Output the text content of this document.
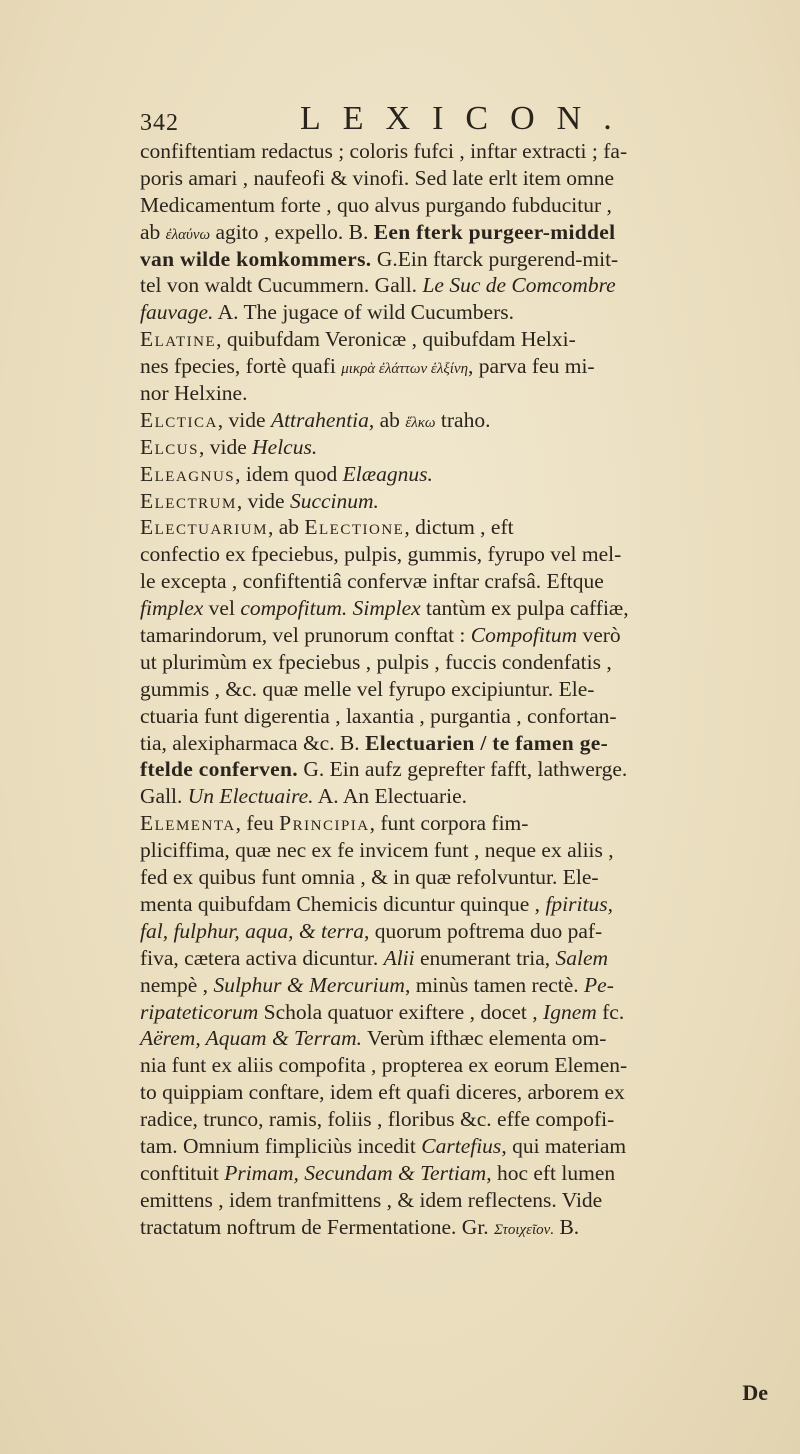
342	LEXICON.
confiftentiam redactus ; coloris fufci , inftar extracti ; fa-
poris amari , naufeofi & vinofi. Sed late erlt item omne
Medicamentum forte , quo alvus purgando fubducitur ,
ab ἐλαύνω agito , expello. B. Een fterk purgeer-middel
van wilde komkommers. G.Ein ftarck purgerend-mit-
tel von waldt Cucummern. Gall. Le Suc de Comcombre
fauvage. A. The jugace of wild Cucumbers.
Elatine, quibufdam Veronicæ , quibufdam Helxi-
nes fpecies, fortè quafi μικρὰ ἐλάττων ἑλξίνη, parva feu mi-
nor Helxine.
Elctica, vide Attrahentia, ab ἕλκω traho.
Elcus, vide Helcus.
Eleagnus, idem quod Elæagnus.
Electrum, vide Succinum.
Electuarium, ab Electione, dictum , eft
confectio ex fpeciebus, pulpis, gummis, fyrupo vel mel-
le excepta , confiftentiâ confervæ inftar crafsâ. Eftque
fimplex vel compofitum. Simplex tantùm ex pulpa caffiæ,
tamarindorum, vel prunorum conftat : Compofitum verò
ut plurimùm ex fpeciebus , pulpis , fuccis condenfatis ,
gummis , &c. quæ melle vel fyrupo excipiuntur. Ele-
ctuaria funt digerentia , laxantia , purgantia , confortan-
tia, alexipharmaca &c. B. Electuarien / te famen ge-
ftelde conferven. G. Ein aufz geprefter fafft, lathwerge.
Gall. Un Electuaire. A. An Electuarie.
Elementa, feu Principia, funt corpora fim-
pliciffima, quæ nec ex fe invicem funt , neque ex aliis ,
fed ex quibus funt omnia , & in quæ refolvuntur. Ele-
menta quibufdam Chemicis dicuntur quinque , fpiritus,
fal, fulphur, aqua, & terra, quorum poftrema duo paf-
fiva, cætera activa dicuntur. Alii enumerant tria, Salem
nempè , Sulphur & Mercurium, minùs tamen rectè. Pe-
ripateticorum Schola quatuor exiftere , docet , Ignem fc.
Aërem, Aquam & Terram. Verùm ifthæc elementa om-
nia funt ex aliis compofita , propterea ex eorum Elemen-
to quippiam conftare, idem eft quafi diceres, arborem ex
radice, trunco, ramis, foliis , floribus &c. effe compofi-
tam. Omnium fimpliciùs incedit Cartefius, qui materiam
conftituit Primam, Secundam & Tertiam, hoc eft lumen
emittens , idem tranfmittens , & idem reflectens. Vide
tractatum noftrum de Fermentatione. Gr. Στοιχεῖον. B.
De
